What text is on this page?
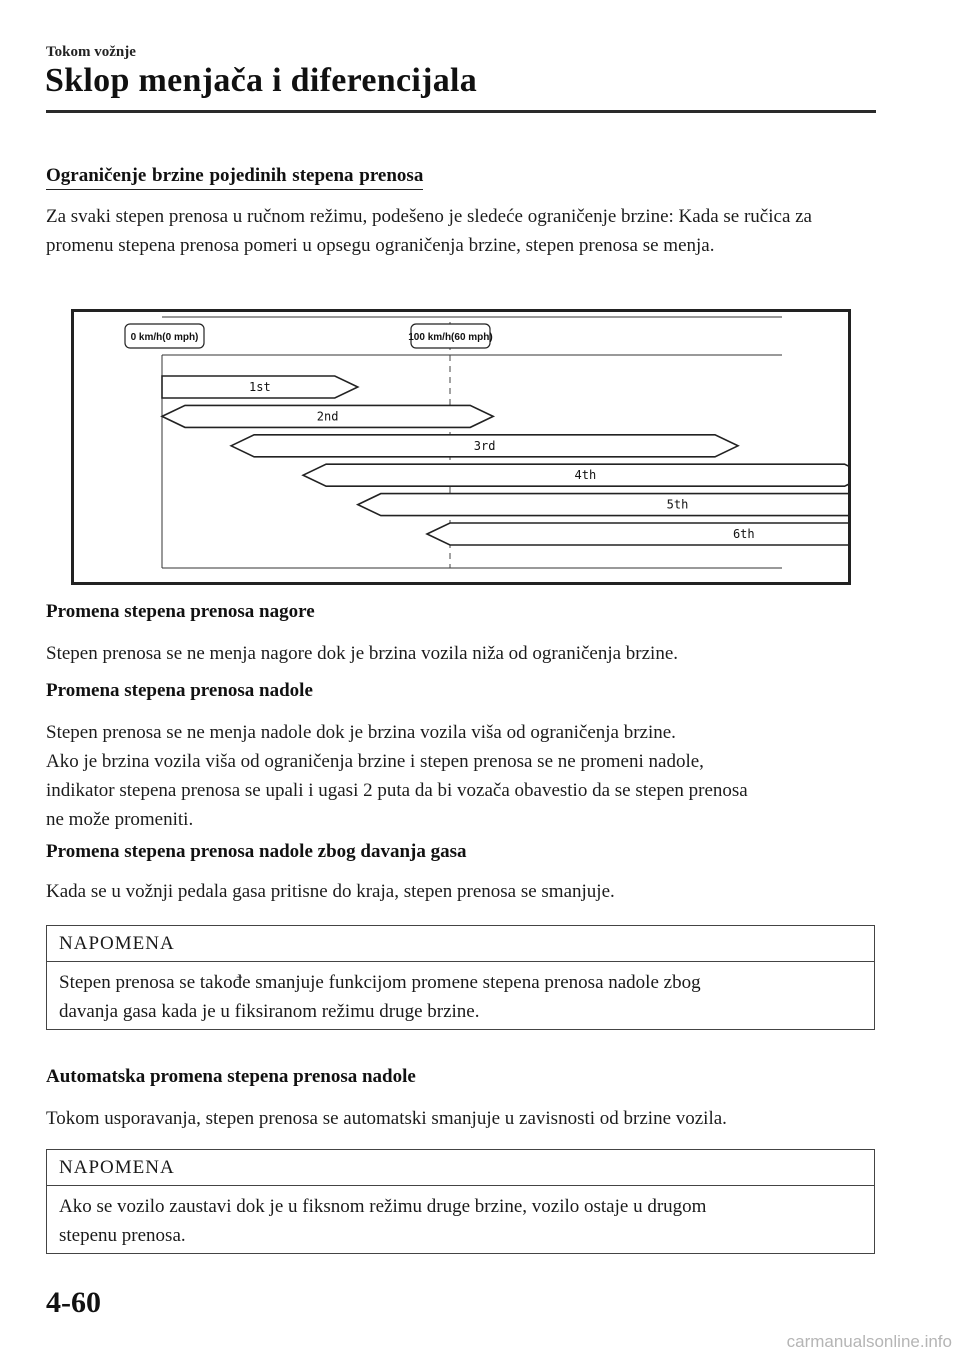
Tokom vožnje
Sklop menjača i diferencijala
Ograničenje brzine pojedinih stepena prenosa
Za svaki stepen prenosa u ručnom režimu, podešeno je sledeće ograničenje brzine: Kada se ručica za promenu stepena prenosa pomeri u opsegu ograničenja brzine, stepen prenosa se menja.
0 km/h(0 mph)	100 km/h(60 mph)
1st
2nd
3rd
4th
5th
6th
Promena stepena prenosa nagore
Stepen prenosa se ne menja nagore dok je brzina vozila niža od ograničenja brzine.
Promena stepena prenosa nadole
Stepen prenosa se ne menja nadole dok je brzina vozila viša od ograničenja brzine.
Ako je brzina vozila viša od ograničenja brzine i stepen prenosa se ne promeni nadole,
indikator stepena prenosa se upali i ugasi 2 puta da bi vozača obavestio da se stepen prenosa
ne može promeniti.
Promena stepena prenosa nadole zbog davanja gasa
Kada se u vožnji pedala gasa pritisne do kraja, stepen prenosa se smanjuje.
NAPOMENA
Stepen prenosa se takođe smanjuje funkcijom promene stepena prenosa nadole zbog
davanja gasa kada je u fiksiranom režimu druge brzine.
Automatska promena stepena prenosa nadole
Tokom usporavanja, stepen prenosa se automatski smanjuje u zavisnosti od brzine vozila.
NAPOMENA
Ako se vozilo zaustavi dok je u fiksnom režimu druge brzine, vozilo ostaje u drugom
stepenu prenosa.
4-60
carmanualsonline.info
